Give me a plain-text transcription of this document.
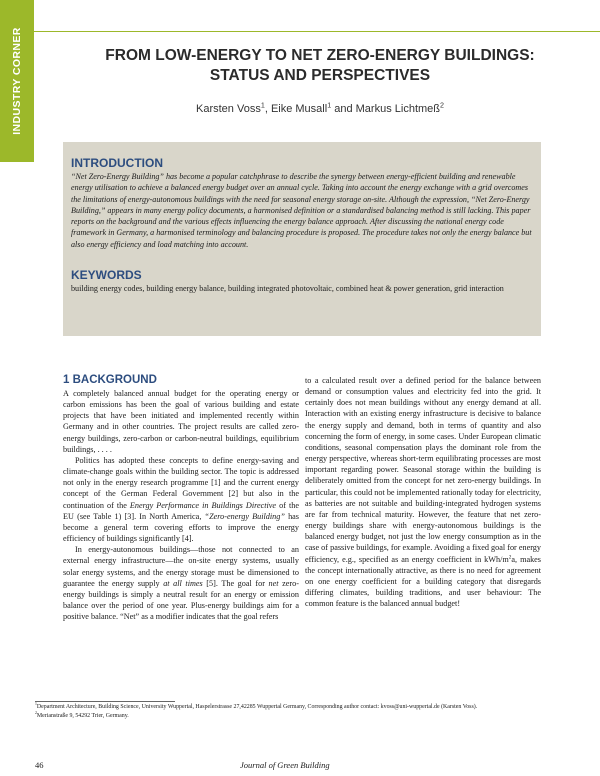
INDUSTRY CORNER	FROM LOW-ENERGY TO NET ZERO-ENERGY BUILDINGS:
STATUS AND PERSPECTIVES
Karsten Voss$^1$, Eike Musall$^1$ and Markus Lichtmeß$^2$
INTRODUCTION

“Net Zero-Energy Building” has become a popular catchphrase to describe the synergy between energy-efficient building and renewable energy utilisation to achieve a balanced energy budget over an annual cycle. Taking into account the energy exchange with a grid overcomes the limitations of energy-autonomous buildings with the need for seasonal energy storage on-site. Although the expression, “Net Zero-Energy Building,” appears in many energy policy documents, a harmonised definition or a standardised balancing method is still lacking. This paper reports on the background and the various effects influencing the energy balance approach. After discussing the national energy code framework in Germany, a harmonised terminology and balancing procedure is proposed. The procedure takes not only the energy balance but also energy efficiency and load matching into account.

KEYWORDS

building energy codes, building energy balance, building integrated photovoltaic, combined heat & power generation, grid interaction

1 BACKGROUND

A completely balanced annual budget for the operating energy or carbon emissions has been the goal of various building and estate projects that have been initiated and implemented recently within Germany and in other countries. The project results are called zero-energy buildings, zero-carbon or carbon-neutral buildings, equilibrium buildings, . . . .

Politics has adopted these concepts to define energy-saving and climate-change goals within the building sector. The topic is addressed not only in the energy research programme [1] and the current energy concept of the German Federal Government [2] but also in the continuation of the Energy Performance in Buildings Directive of the EU (see Table 1) [3]. In North America, “Zero-energy Building” has become a general term covering efforts to improve the energy efficiency of buildings significantly [4].

In energy-autonomous buildings—those not connected to an external energy infrastructure—the on-site energy systems, usually solar energy systems, and the energy storage must be dimensioned to guarantee the energy supply at all times [5]. The goal for net zero-energy buildings is simply a neutral result for an energy or emission balance over the period of one year. Plus-energy buildings aim for a positive balance. “Net” as a modifier indicates that the goal refers

to a calculated result over a defined period for the balance between demand or consumption values and electricity fed into the grid. It certainly does not mean buildings without any energy demand at all. Interaction with an existing energy infrastructure is decisive to balance the energy supply and demand, both in terms of quantity and also concerning the form of energy, in some cases. Under European climatic conditions, seasonal compensation plays the dominant role from the energy perspective, whereas short-term equilibrating processes are most important regarding power. Seasonal storage within the building is deliberately omitted from the concept for net zero-energy buildings. In particular, this could not be implemented rationally today for electricity, as batteries are not suitable and building-integrated hydrogen systems are far from technical maturity. However, the feature that net zero-energy buildings share with energy-autonomous buildings is the balanced energy budget, not just the low energy consumption as in the case of passive buildings, for example. Avoiding a fixed goal for energy efficiency, e.g., specified as an energy coefficient in kWh/$m^2a$, makes the concept internationally attractive, as there is no need for agreement on one energy coefficient for a building category that disregards differing climates, building traditions, and user behaviour: The common feature is the balanced annual budget!

$^1$Department Architecture, Building Science, University Wuppertal, Haspelerstrasse 27,42285 Wuppertal Germany, Corresponding author contact: kvoss@uni-wuppertal.de (Karsten Voss).

$^2$Merianstraße 9, 54292 Trier, Germany.

46	Journal of Green Building
